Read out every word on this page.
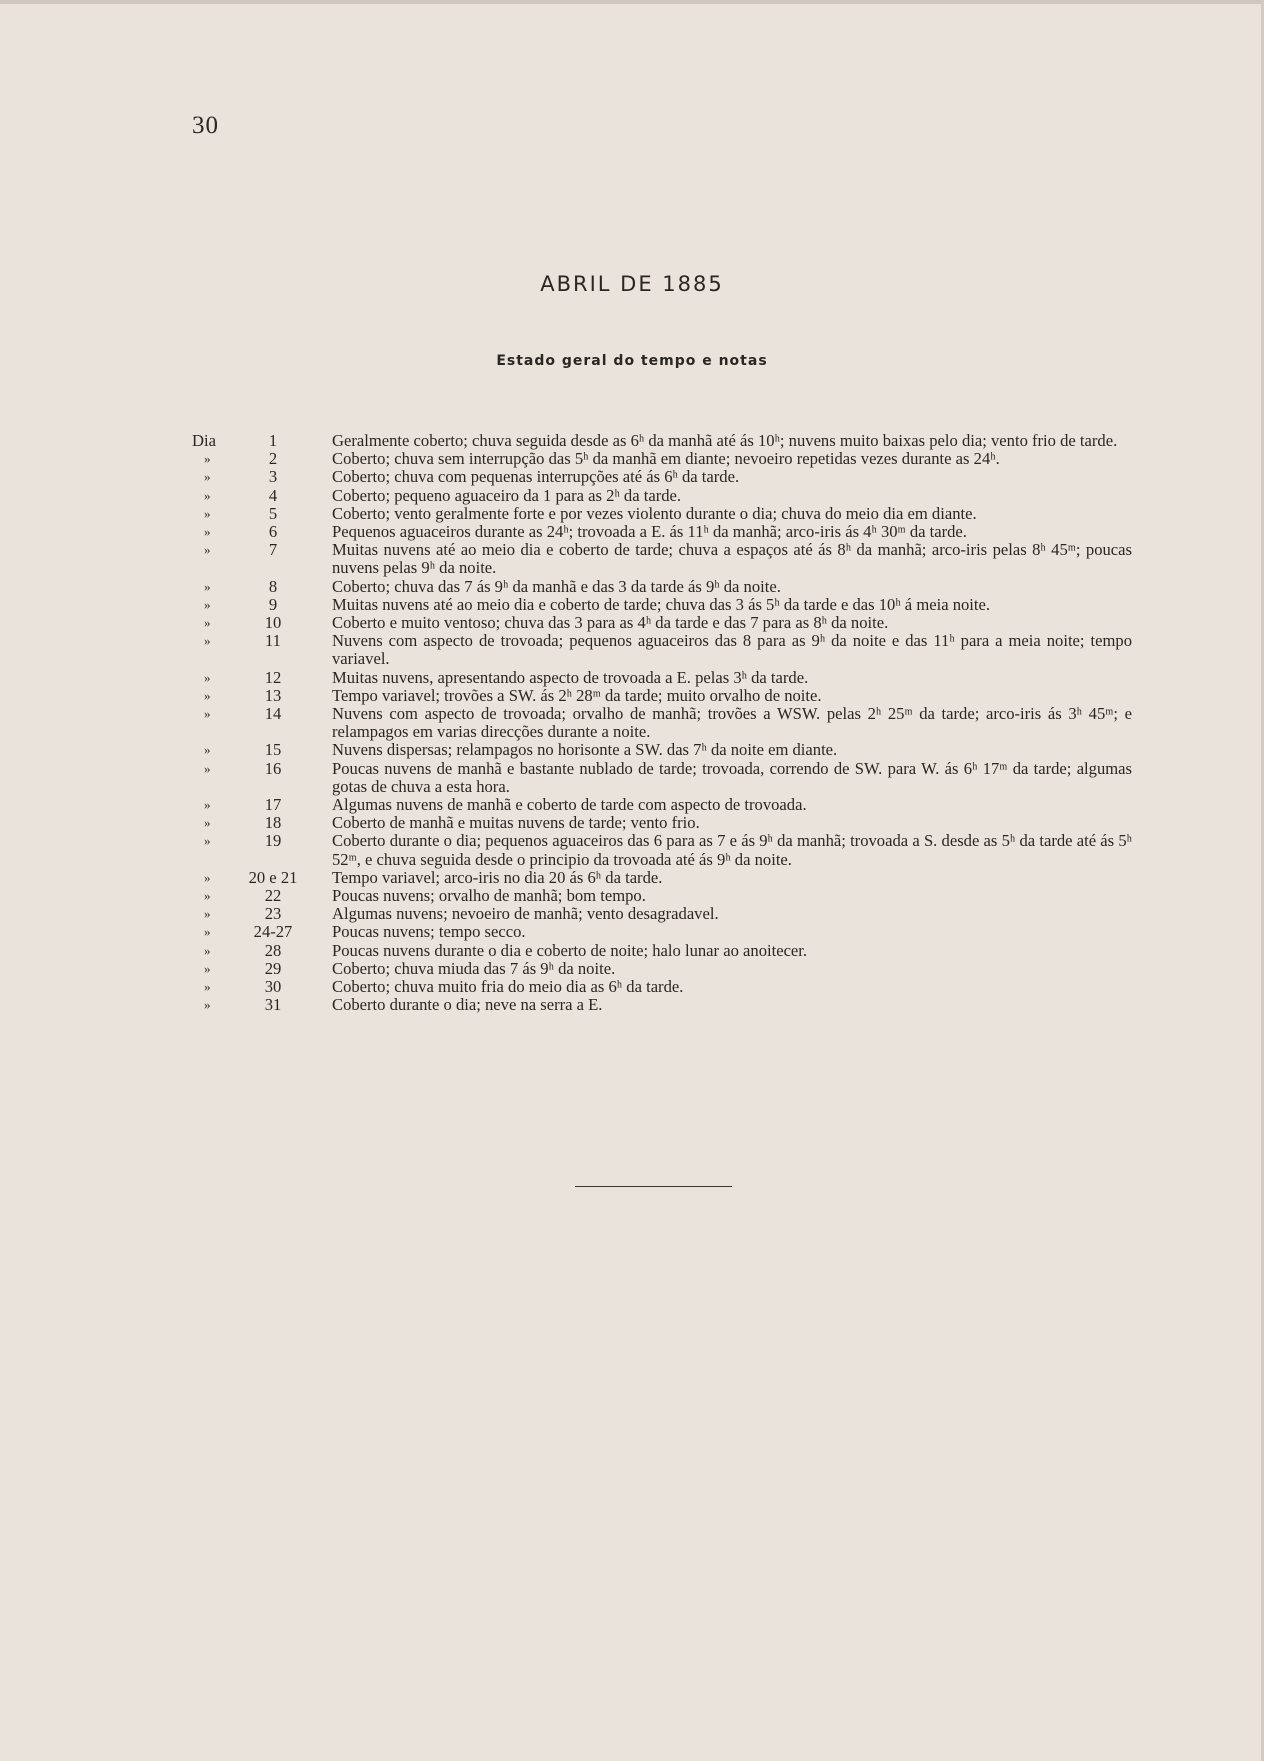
30
ABRIL DE 1885
Estado geral do tempo e notas
Dia	1	Geralmente coberto; chuva seguida desde as 6ʰ da manhã até ás 10ʰ; nuvens muito baixas pelo dia; vento frio de tarde.
»	2	Coberto; chuva sem interrupção das 5ʰ da manhã em diante; nevoeiro repetidas vezes durante as 24ʰ.
»	3	Coberto; chuva com pequenas interrupções até ás 6ʰ da tarde.
»	4	Coberto; pequeno aguaceiro da 1 para as 2ʰ da tarde.
»	5	Coberto; vento geralmente forte e por vezes violento durante o dia; chuva do meio dia em diante.
»	6	Pequenos aguaceiros durante as 24ʰ; trovoada a E. ás 11ʰ da manhã; arco-iris ás 4ʰ 30ᵐ da tarde.
»	7	Muitas nuvens até ao meio dia e coberto de tarde; chuva a espaços até ás 8ʰ da manhã; arco-iris pelas 8ʰ 45ᵐ; poucas nuvens pelas 9ʰ da noite.
»	8	Coberto; chuva das 7 ás 9ʰ da manhã e das 3 da tarde ás 9ʰ da noite.
»	9	Muitas nuvens até ao meio dia e coberto de tarde; chuva das 3 ás 5ʰ da tarde e das 10ʰ á meia noite.
»	10	Coberto e muito ventoso; chuva das 3 para as 4ʰ da tarde e das 7 para as 8ʰ da noite.
»	11	Nuvens com aspecto de trovoada; pequenos aguaceiros das 8 para as 9ʰ da noite e das 11ʰ para a meia noite; tempo variavel.
»	12	Muitas nuvens, apresentando aspecto de trovoada a E. pelas 3ʰ da tarde.
»	13	Tempo variavel; trovões a SW. ás 2ʰ 28ᵐ da tarde; muito orvalho de noite.
»	14	Nuvens com aspecto de trovoada; orvalho de manhã; trovões a WSW. pelas 2ʰ 25ᵐ da tarde; arco-iris ás 3ʰ 45ᵐ; e relampagos em varias direcções durante a noite.
»	15	Nuvens dispersas; relampagos no horisonte a SW. das 7ʰ da noite em diante.
»	16	Poucas nuvens de manhã e bastante nublado de tarde; trovoada, correndo de SW. para W. ás 6ʰ 17ᵐ da tarde; algumas gotas de chuva a esta hora.
»	17	Algumas nuvens de manhã e coberto de tarde com aspecto de trovoada.
»	18	Coberto de manhã e muitas nuvens de tarde; vento frio.
»	19	Coberto durante o dia; pequenos aguaceiros das 6 para as 7 e ás 9ʰ da manhã; trovoada a S. desde as 5ʰ da tarde até ás 5ʰ 52ᵐ, e chuva seguida desde o principio da trovoada até ás 9ʰ da noite.
»	20 e 21 Tempo variavel; arco-iris no dia 20 ás 6ʰ da tarde.
»	22	Poucas nuvens; orvalho de manhã; bom tempo.
»	23	Algumas nuvens; nevoeiro de manhã; vento desagradavel.
»	24-27	Poucas nuvens; tempo secco.
»	28	Poucas nuvens durante o dia e coberto de noite; halo lunar ao anoitecer.
»	29	Coberto; chuva miuda das 7 ás 9ʰ da noite.
»	30	Coberto; chuva muito fria do meio dia as 6ʰ da tarde.
»	31	Coberto durante o dia; neve na serra a E.
